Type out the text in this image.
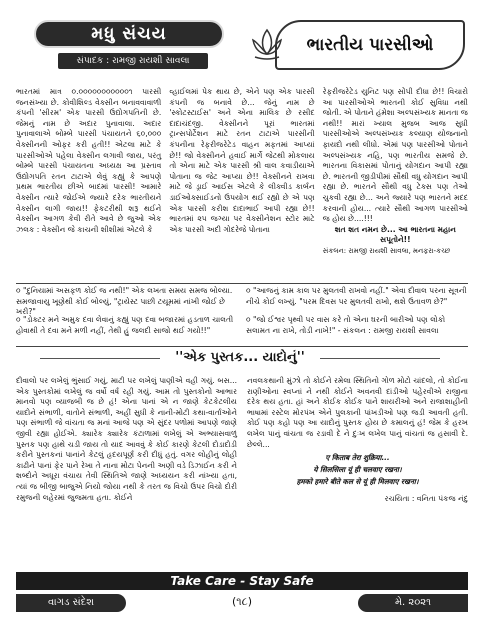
મધુ સંચય
સંપાદક : રામજી રાયશી સાવલા
ભારતીય પારસીઓ

ભારતમાં માત્ર ૦.૦૦૦૦૦૦૦૦૦૦૦૧ પારસી જનસંખ્યા છે. કોવીશિલ્ડ વેક્સીન બનાવવાવાળી કંપની 'સીરમ' એક પારસી ઉદ્યોગપતિની છે. જેમનું નામ છે અદાર પુનાવાલા. અદાર પુનાવાલાએ બોમ્બે પારસી પંચાયતને ૬૦,૦૦૦ વેક્સીનની ઓફર કરી હતી!! એટલા માટે કે પારસીઓએ પહેલા વેક્સીન લગાવી જાય, પરંતુ બોમ્બે પારસી પંચાયતના અધ્યક્ષ આ પ્રસ્તાવ ઉદ્યોગપતિ રતન ટાટાએ લેવું કહ્યું કે આપણે પ્રથમ ભારતીય છીએ બાદમાં પારસી! આમારે વેક્સીન ત્યારે જોઈએ જ્યારે દરેક ભારતીયને વેક્સીન લાગી જાય!! ફેકટરીથી શરૂ થઈને વેક્સીન આગળ કેવી રીતે આવે છે જુઓ એક ઝલક : વેક્સીન જે કાચની શીશીમાં એટલે કે

વ્હાઈલમાં પેક થાય છે, એને પણ એક પારસી કંપની જ બનાવે છે... જેનું નામ છે 'સ્કોટસ્ટાઈસ' અને એના માલિક છે રસીદ દાદાચંદજી. વેક્સીનને પૂરાં ભારતમાં ટ્રાન્સપોર્ટેશન માટે રતન ટાટાએ પારસીની કંપનીના રેફરીજરેટેડ વાહન મફતમાં આપ્યાં છે!! જો વેક્સીનને હવાઈ માર્ગે જેટથી મોકલાય તો એના માટે એક પારસી શ્રી વાલ કવાડીયાએ પોતાના જ જેટ આપ્યા છે!! વેક્સીનને રાખવા માટે જે ડ્રાઈ આઈસ એટલે કે લીક્વીડ કાર્બન ડાઈઓક્સાઈડનો ઉપયોગ થઈ રહ્યો છે એ પણ એક પારસી કરીશ દાદાભાઈ આપી રહ્યા છે!! ભારતમાં ૨૫ જગ્યા પર વેક્સીનેશન સ્ટોર માટે એક પારસી અદી ગોદરેજે પોતાના

રેફરીજરેટેડ યુનિટ પણ સોંપી દીધા છે!! વિચારો આ પારસીઓએ ભારતની કોઈ સુવિધા નથી જોતી. એ પોતાને હંમેશા અલ્પસંખ્યક માનતા જ નથી!! મારાં ખ્યાલ મુજબ આજ સુધી પારસીઓએ અલ્પસંખ્યક કલ્યાણ યોજનાનો ફાયદો નથી લીધો. એમાં પણ પારસીઓ પોતાને અલ્પસંખ્યક નહિ, પણ ભારતીય સમજે છે. ભારતના વિકાસમાં પોતાનું યોગદાન આપી રહ્યા છે. ભારતની જીડીપીમાં સૌથી વધુ યોગદાન આપી રહ્યા છે. ભારતને સૌથી વધુ ટેક્સ પણ તેઓ ચુકવી રહ્યા છે... અને જ્યારે પણ ભારતને મદદ કરવાની હોય... ત્યારે સૌથી આગળ પારસીઓ જ હોય છે....!!!

શત શત નમન છે... આ ભારતના મહાન સપૂતોને!!

સંકલન: રામજી રાયશી સાવલા, મનફરા-કચ્છ

૦ "દુનિયામાં અસફળ કોઈ જ નથી!" એક લખતા સમય સમજ બોલ્યા. સમજાવાયુ ખૂણેથી કોઈ બોલ્યું, "ટ્રાયેસ્ટ પાછી ટયૂમમાં નાંખી જોઈ છે ખરી?"
૦ "આજનું કામ કાલ પર મુલતવી રાખવો નહીં." એવા દીવાલ પરના સૂત્રની નીચે કોઈ લખ્યું. "પરમ દિવસ પર મુલતવી રાખો, થશે ઉતાવળ છે?"
૦ "ડોક્ટર મને અમુક દવા લેવાનું કહ્યું પણ દવા બજારમાં હડતાળ ચાલતી હોવાથી તે દવા મને મળી નહીં, તેથી હું જલદી સાજો થઈ ગયો!!"
૦ "જો ઈશ્વર પૃથ્વી પર વાસ કરે તો એના ઘરની બારીઓ પણ લોકો સલામત ના રાખે, તોડી નાખે!" - સંકલન : રામજી રાયશી સાવલા
''એક પુસ્તક... યાદોનું''

દીવાલો પર લખેલું ભુંસાઈ ગયું, માટી પર લખેલું પાણીએ વહી ગયું. બસ... એક પુસ્તકોમાં લખેલું જ વર્ષો વર્ષ રહી ગયું. આમ તો પુસ્તકોનો આભાર માનવો પણ વ્યાજબી જ છે હં! એના પાનાં એ ન જાણે કેટકેટલીય યાદોને સંભાળી, વાતોને સંભાળી, અહીં સુધી કે નાની-મોટી કથા-વાર્તાઓને પણ સંભાળી જે વાંચતા જ મનાં આજે પણ એ સુંદર પળોમાં આપણે જાણે જીવી રહ્યા હોઈએ. ક્યારેક ક્યારેક કંટાળામાં લખેલું એ અભ્યાસવાળું પુસ્તક પણ હાથે ચડી જાય તો યાદ આવવું કે કોઈ કારણે કેટલી દોડાદોડી કરીને પુસ્તકનાં પાનાંને કેટલું હૃદયપૂર્ણ કરી દીધું હતું. વગર લોહીનું લોહી કાઢીને પાનાં ફેર પાને રેખા તે નાના મોટા પેનની અણી વડે ડિઝાઈન કરી ને શબ્દોને અધૂરા વંચાય તેવી સ્થિતિએ જાણે અધ્યયન કરી નાંખ્યા હતા, ત્યાં જ બીજી બાજુએ નિયો જોયા નથી કે તરત જ વિચો ઉપર વિચો દોરી રમુજની લહેરમાં જુજમતા હતા. કોઈને

નવલકથાની મુંઝો તો કોઈને રમેલા સ્થિતિનો ગોળ મોટો ચાંદલો, તો કોઈના રાણીઓના સ્વપ્નાં ને નથી કોઈને અવનવી દાંડીઓ પહેરવીએ રાજીના દરેક થય હતા. હાં અને કોઈક કોઈક પાને શાયરીઓ અને રાજાશાહીની ભાષામાં રસ્ટેલ મોરપંખ એને પુલકાની પાંખડીઓ પણ જડી આવતી હતી. કોઈ પણ કહો પણ આ યાદોનું પુસ્તક હોય છે કમાલનું હં! જેમ કે હરખ લખેલ પાનું વાંચતા જ રડાવી દે ને દુઃખ લખેલ પાનું વાંચતાં જ હસાવી દે. છેલ્લે...

ए किताब तेरा शुक्रिया...
ये सिलसिला यूं ही चलवाए रखना।
हमको हमारे बीते कल से यूं ही मिलवाए रखना।
રચયિતા : વનિતા પંકજ નંદુ
Take Care - Stay Safe
વાગડ સંદેશ	(૧૮)	મે. ૨૦૨૧
